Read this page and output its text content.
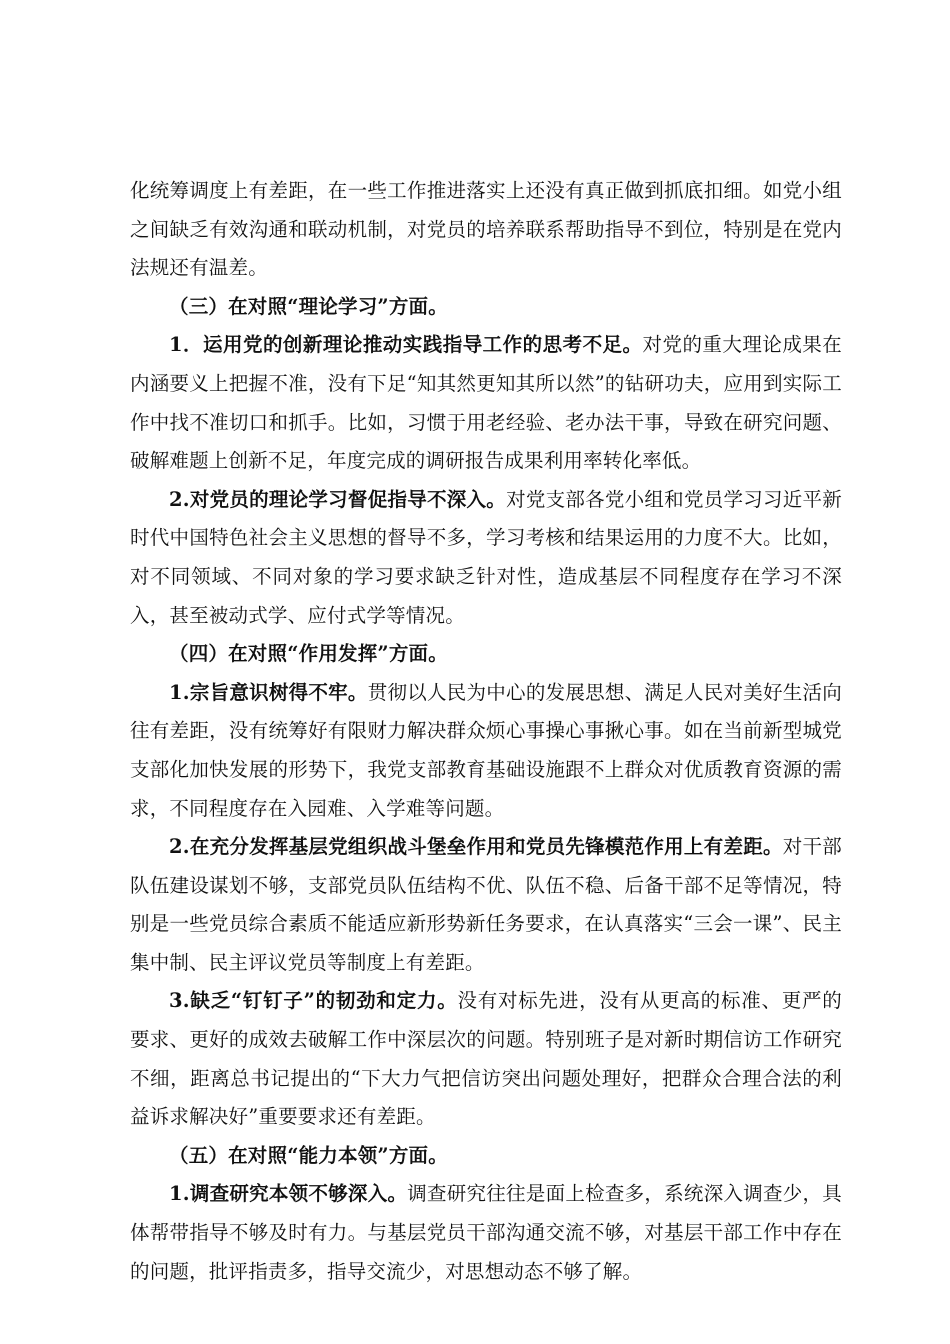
化统筹调度上有差距，在一些工作推进落实上还没有真正做到抓底扣细。如党小组之间缺乏有效沟通和联动机制，对党员的培养联系帮助指导不到位，特别是在党内法规还有温差。

（三）在对照“理论学习”方面。

1．运用党的创新理论推动实践指导工作的思考不足。对党的重大理论成果在内涵要义上把握不准，没有下足“知其然更知其所以然”的钻研功夫，应用到实际工作中找不准切口和抓手。比如，习惯于用老经验、老办法干事，导致在研究问题、破解难题上创新不足，年度完成的调研报告成果利用率转化率低。

2.对党员的理论学习督促指导不深入。对党支部各党小组和党员学习习近平新时代中国特色社会主义思想的督导不多，学习考核和结果运用的力度不大。比如，对不同领域、不同对象的学习要求缺乏针对性，造成基层不同程度存在学习不深入，甚至被动式学、应付式学等情况。

（四）在对照“作用发挥”方面。

1.宗旨意识树得不牢。贯彻以人民为中心的发展思想、满足人民对美好生活向往有差距，没有统筹好有限财力解决群众烦心事操心事揪心事。如在当前新型城党支部化加快发展的形势下，我党支部教育基础设施跟不上群众对优质教育资源的需求，不同程度存在入园难、入学难等问题。

2.在充分发挥基层党组织战斗堡垒作用和党员先锋模范作用上有差距。对干部队伍建设谋划不够，支部党员队伍结构不优、队伍不稳、后备干部不足等情况，特别是一些党员综合素质不能适应新形势新任务要求，在认真落实“三会一课”、民主集中制、民主评议党员等制度上有差距。

3.缺乏“钉钉子”的韧劲和定力。没有对标先进，没有从更高的标准、更严的要求、更好的成效去破解工作中深层次的问题。特别班子是对新时期信访工作研究不细，距离总书记提出的“下大力气把信访突出问题处理好，把群众合理合法的利益诉求解决好”重要要求还有差距。

（五）在对照“能力本领”方面。

1.调查研究本领不够深入。调查研究往往是面上检查多，系统深入调查少，具体帮带指导不够及时有力。与基层党员干部沟通交流不够，对基层干部工作中存在的问题，批评指责多，指导交流少，对思想动态不够了解。
